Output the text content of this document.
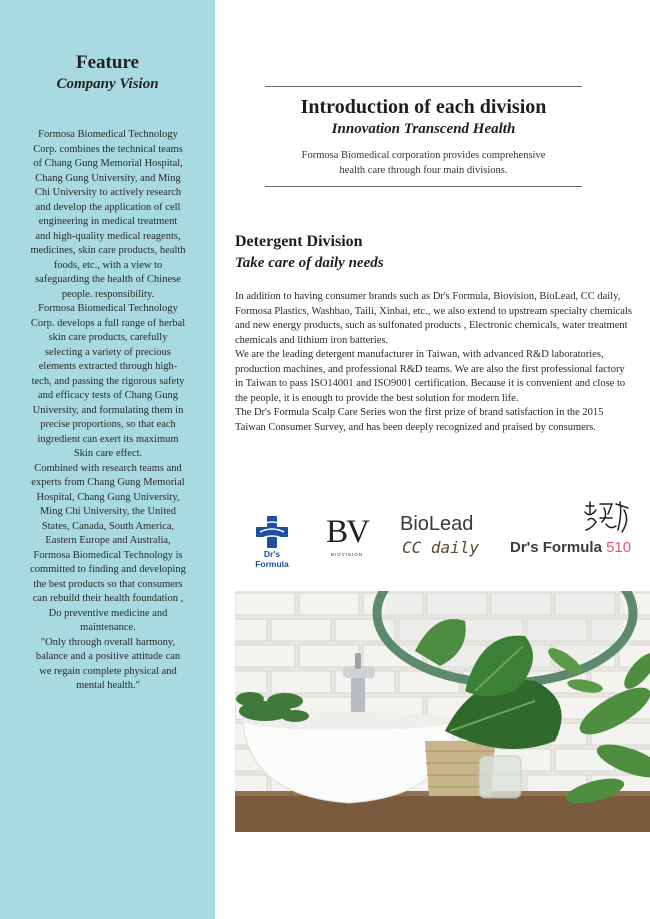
Feature
Company Vision

Formosa Biomedical Technology Corp. combines the technical teams of Chang Gung Memorial Hospital, Chang Gung University, and Ming Chi University to actively research and develop the application of cell engineering in medical treatment and high-quality medical reagents, medicines, skin care products, health foods, etc., with a view to safeguarding the health of Chinese people. responsibility.

Formosa Biomedical Technology Corp. develops a full range of herbal skin care products, carefully selecting a variety of precious elements extracted through high-tech, and passing the rigorous safety and efficacy tests of Chang Gung University, and formulating them in precise proportions, so that each ingredient can exert its maximum Skin care effect.

Combined with research teams and experts from Chang Gung Memorial Hospital, Chang Gung University, Ming Chi University, the United States, Canada, South America, Eastern Europe and Australia, Formosa Biomedical Technology is committed to finding and developing the best products so that consumers can rebuild their health foundation , Do preventive medicine and maintenance.

"Only through overall harmony, balance and a positive attitude can we regain complete physical and mental health."

Introduction of each division
Innovation Transcend Health
Formosa Biomedical corporation provides comprehensive health care through four main divisions.
Detergent Division
Take care of daily needs

In addition to having consumer brands such as Dr's Formula, Biovision, BioLead, CC daily, Formosa Plastics, Washbao, Taili, Xinbai, etc., we also extend to upstream specialty chemicals and new energy products, such as sulfonated products , Electronic chemicals, water treatment chemicals and lithium iron batteries.

We are the leading detergent manufacturer in Taiwan, with advanced R&D laboratories, production machines, and professional R&D teams. We are also the first professional factory in Taiwan to pass ISO14001 and ISO9001 certification. Because it is convenient and close to the people, it is enough to provide the best solution for modern life.

The Dr's Formula Scalp Care Series won the first prize of brand satisfaction in the 2015 Taiwan Consumer Survey, and has been deeply recognized and praised by consumers.

Dr's Formula
BV
BIOVISION
BioLead
CC daily Dr's Formula 510
